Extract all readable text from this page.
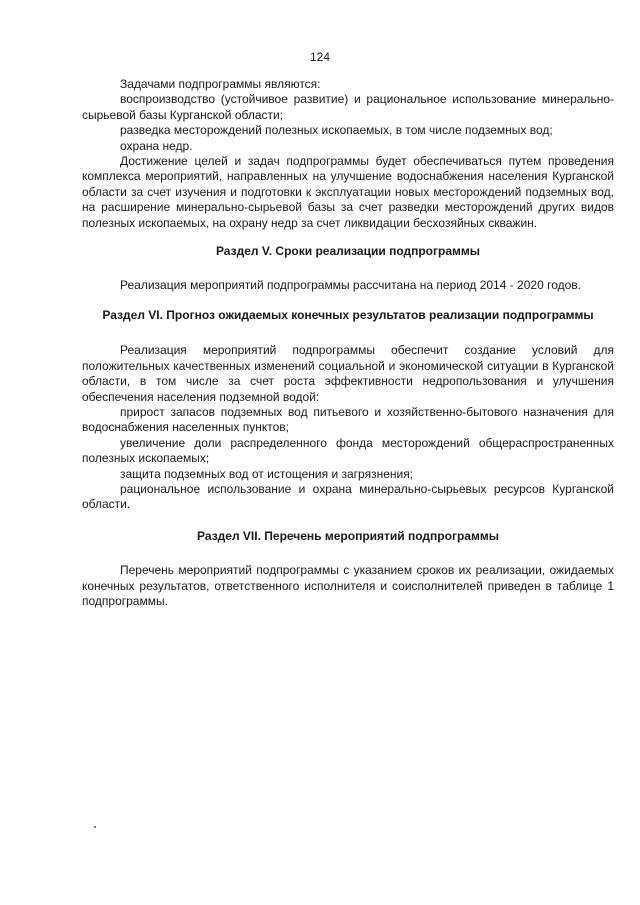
124

Задачами подпрограммы являются:

воспроизводство (устойчивое развитие) и рациональное использование минерально-сырьевой базы Курганской области;

разведка месторождений полезных ископаемых, в том числе подземных вод;

охрана недр.

Достижение целей и задач подпрограммы будет обеспечиваться путем проведения комплекса мероприятий, направленных на улучшение водоснабжения населения Курганской области за счет изучения и подготовки к эксплуатации новых месторождений подземных вод, на расширение минерально-сырьевой базы за счет разведки месторождений других видов полезных ископаемых, на охрану недр за счет ликвидации бесхозяйных скважин.

Раздел V. Сроки реализации подпрограммы

Реализация мероприятий подпрограммы рассчитана на период 2014 - 2020 годов.

Раздел VI. Прогноз ожидаемых конечных результатов реализации подпрограммы

Реализация мероприятий подпрограммы обеспечит создание условий для положительных качественных изменений социальной и экономической ситуации в Курганской области, в том числе за счет роста эффективности недропользования и улучшения обеспечения населения подземной водой:

прирост запасов подземных вод питьевого и хозяйственно-бытового назначения для водоснабжения населенных пунктов;

увеличение доли распределенного фонда месторождений общераспространенных полезных ископаемых;

защита подземных вод от истощения и загрязнения;

рациональное использование и охрана минерально-сырьевых ресурсов Курганской области.

Раздел VII. Перечень мероприятий подпрограммы

Перечень мероприятий подпрограммы с указанием сроков их реализации, ожидаемых конечных результатов, ответственного исполнителя и соисполнителей приведен в таблице 1 подпрограммы.
